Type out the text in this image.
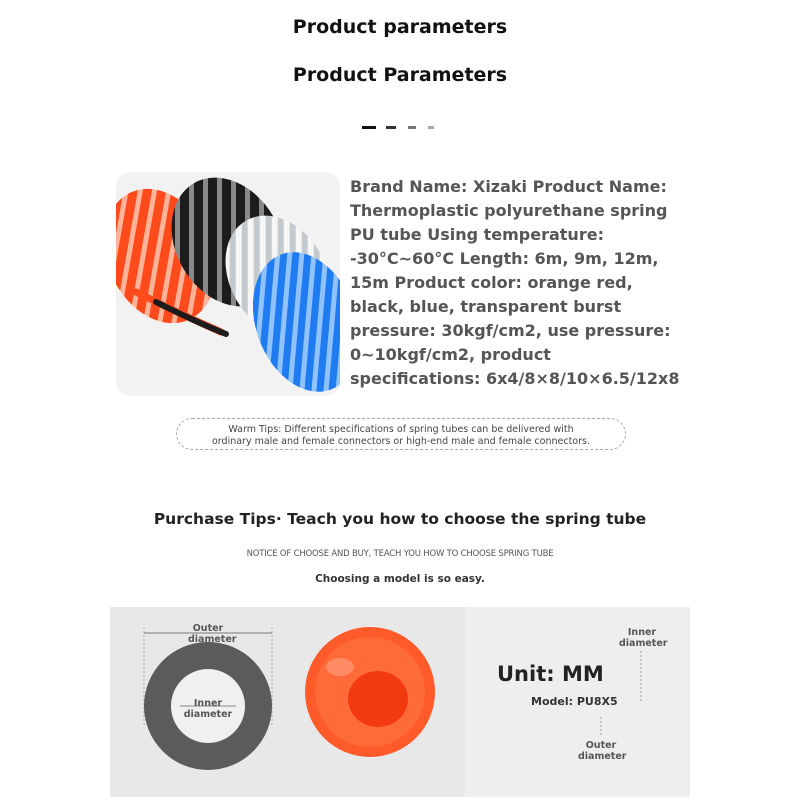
Product parameters
Product Parameters
Brand Name: Xizaki Product Name: Thermoplastic polyurethane spring PU tube Using temperature: -30°C~60°C Length: 6m, 9m, 12m, 15m Product color: orange red, black, blue, transparent burst pressure: 30kgf/cm2, use pressure: 0~10kgf/cm2, product specifications: 6x4/8×8/10×6.5/12x8
Warm Tips: Different specifications of spring tubes can be delivered with
ordinary male and female connectors or high-end male and female connectors.
Purchase Tips· Teach you how to choose the spring tube
NOTICE OF CHOOSE AND BUY, TEACH YOU HOW TO CHOOSE SPRING TUBE
Choosing a model is so easy.
Outer
diameter
Inner
diameter
Inner
diameter
Outer
diameter
Unit: MM
Model: PU8X5
